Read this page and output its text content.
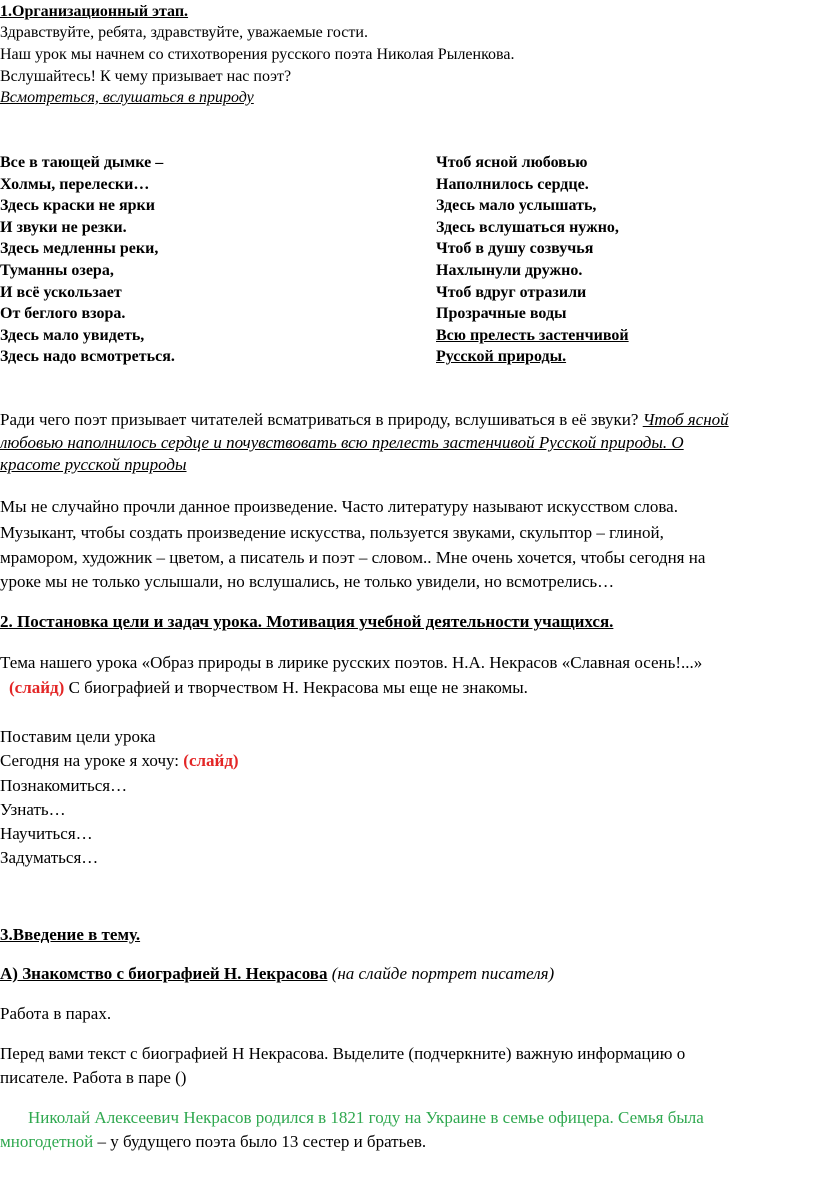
1.Организационный этап.
Здравствуйте, ребята, здравствуйте, уважаемые гости.
Наш урок мы начнем со стихотворения русского поэта Николая Рыленкова.
Вслушайтесь! К чему призывает нас поэт?
Всмотреться, вслушаться в природу
Все в тающей дымке –
Холмы, перелески…
Здесь краски не ярки
И звуки не резки.
Здесь медленны реки,
Туманны озера,
И всё ускользает
От беглого взора.
Здесь мало увидеть,
Здесь надо всмотреться.
Чтоб ясной любовью
Наполнилось сердце.
Здесь мало услышать,
Здесь вслушаться нужно,
Чтоб в душу созвучья
Нахлынули дружно.
Чтоб вдруг отразили
Прозрачные воды
Всю прелесть застенчивой
Русской природы.
Ради чего поэт призывает читателей всматриваться в природу, вслушиваться в её звуки? Чтоб ясной
любовью наполнилось сердце и почувствовать всю прелесть застенчивой Русской природы. О
красоте русской природы
Мы не случайно прочли данное произведение. Часто литературу называют искусством слова.
Музыкант, чтобы создать произведение искусства, пользуется звуками, скульптор – глиной,
мрамором, художник – цветом, а писатель и поэт – словом.. Мне очень хочется, чтобы сегодня на
уроке мы не только услышали, но вслушались, не только увидели, но всмотрелись…
2. Постановка цели и задач урока. Мотивация учебной деятельности учащихся.
Тема нашего урока «Образ природы в лирике русских поэтов. Н.А. Некрасов «Славная осень!...»
(слайд) С биографией и творчеством Н. Некрасова мы еще не знакомы.
Поставим цели урока
Сегодня на уроке я хочу: (слайд)
Познакомиться…
Узнать…
Научиться…
Задуматься…
3.Введение в тему.
А) Знакомство с биографией Н. Некрасова (на слайде портрет писателя)
Работа в парах.
Перед вами текст с биографией Н Некрасова. Выделите (подчеркните) важную информацию о
писателе. Работа в паре ()
Николай Алексеевич Некрасов родился в 1821 году на Украине в семье офицера. Семья была
многодетной – у будущего поэта было 13 сестер и братьев.
